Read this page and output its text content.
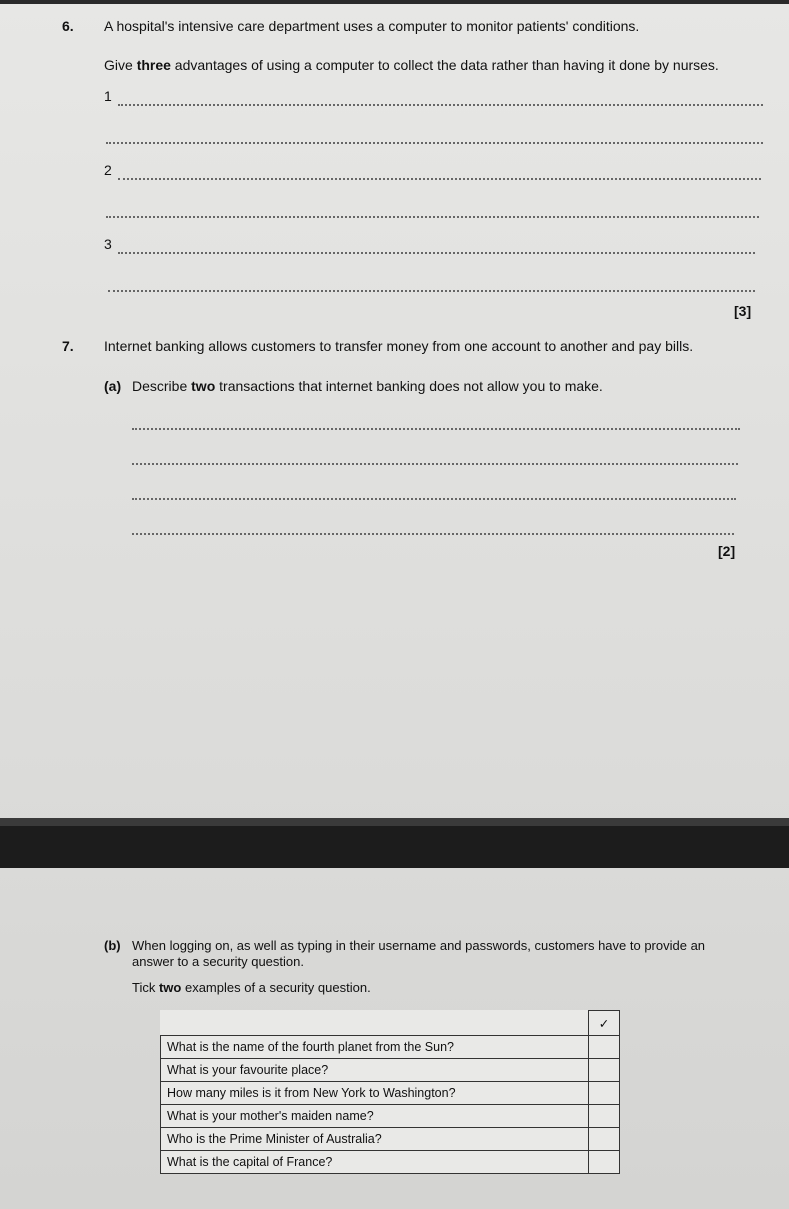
6. A hospital's intensive care department uses a computer to monitor patients' conditions.
Give three advantages of using a computer to collect the data rather than having it done by nurses.
1
2
3
[3]
7. Internet banking allows customers to transfer money from one account to another and pay bills.
(a) Describe two transactions that internet banking does not allow you to make.
[2]
(b) When logging on, as well as typing in their username and passwords, customers have to provide an answer to a security question.
Tick two examples of a security question.
	✓
What is the name of the fourth planet from the Sun?	
What is your favourite place?	
How many miles is it from New York to Washington?	
What is your mother's maiden name?	
Who is the Prime Minister of Australia?	
What is the capital of France?	
